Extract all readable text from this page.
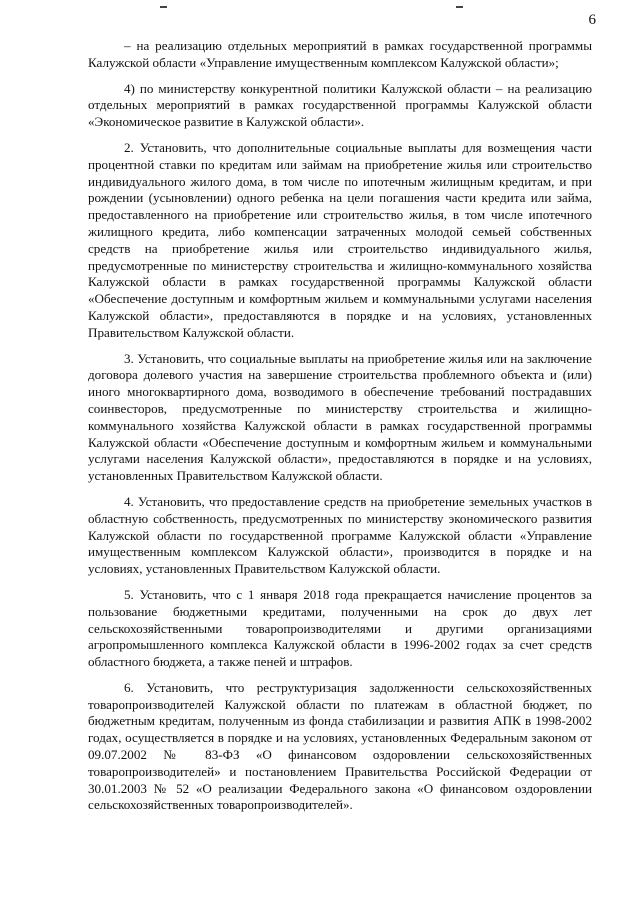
6

– на реализацию отдельных мероприятий в рамках государственной программы Калужской области «Управление имущественным комплексом Калужской области»;

4) по министерству конкурентной политики Калужской области – на реализацию отдельных мероприятий в рамках государственной программы Калужской области «Экономическое развитие в Калужской области».

2. Установить, что дополнительные социальные выплаты для возмещения части процентной ставки по кредитам или займам на приобретение жилья или строительство индивидуального жилого дома, в том числе по ипотечным жилищным кредитам, и при рождении (усыновлении) одного ребенка на цели погашения части кредита или займа, предоставленного на приобретение или строительство жилья, в том числе ипотечного жилищного кредита, либо компенсации затраченных молодой семьей собственных средств на приобретение жилья или строительство индивидуального жилья, предусмотренные по министерству строительства и жилищно-коммунального хозяйства Калужской области в рамках государственной программы Калужской области «Обеспечение доступным и комфортным жильем и коммунальными услугами населения Калужской области», предоставляются в порядке и на условиях, установленных Правительством Калужской области.

3. Установить, что социальные выплаты на приобретение жилья или на заключение договора долевого участия на завершение строительства проблемного объекта и (или) иного многоквартирного дома, возводимого в обеспечение требований пострадавших соинвесторов, предусмотренные по министерству строительства и жилищно-коммунального хозяйства Калужской области в рамках государственной программы Калужской области «Обеспечение доступным и комфортным жильем и коммунальными услугами населения Калужской области», предоставляются в порядке и на условиях, установленных Правительством Калужской области.

4. Установить, что предоставление средств на приобретение земельных участков в областную собственность, предусмотренных по министерству экономического развития Калужской области по государственной программе Калужской области «Управление имущественным комплексом Калужской области», производится в порядке и на условиях, установленных Правительством Калужской области.

5. Установить, что с 1 января 2018 года прекращается начисление процентов за пользование бюджетными кредитами, полученными на срок до двух лет сельскохозяйственными товаропроизводителями и другими организациями агропромышленного комплекса Калужской области в 1996-2002 годах за счет средств областного бюджета, а также пеней и штрафов.

6. Установить, что реструктуризация задолженности сельскохозяйственных товаропроизводителей Калужской области по платежам в областной бюджет, по бюджетным кредитам, полученным из фонда стабилизации и развития АПК в 1998-2002 годах, осуществляется в порядке и на условиях, установленных Федеральным законом от 09.07.2002 № 83-ФЗ «О финансовом оздоровлении сельскохозяйственных товаропроизводителей» и постановлением Правительства Российской Федерации от 30.01.2003 № 52 «О реализации Федерального закона «О финансовом оздоровлении сельскохозяйственных товаропроизводителей».
